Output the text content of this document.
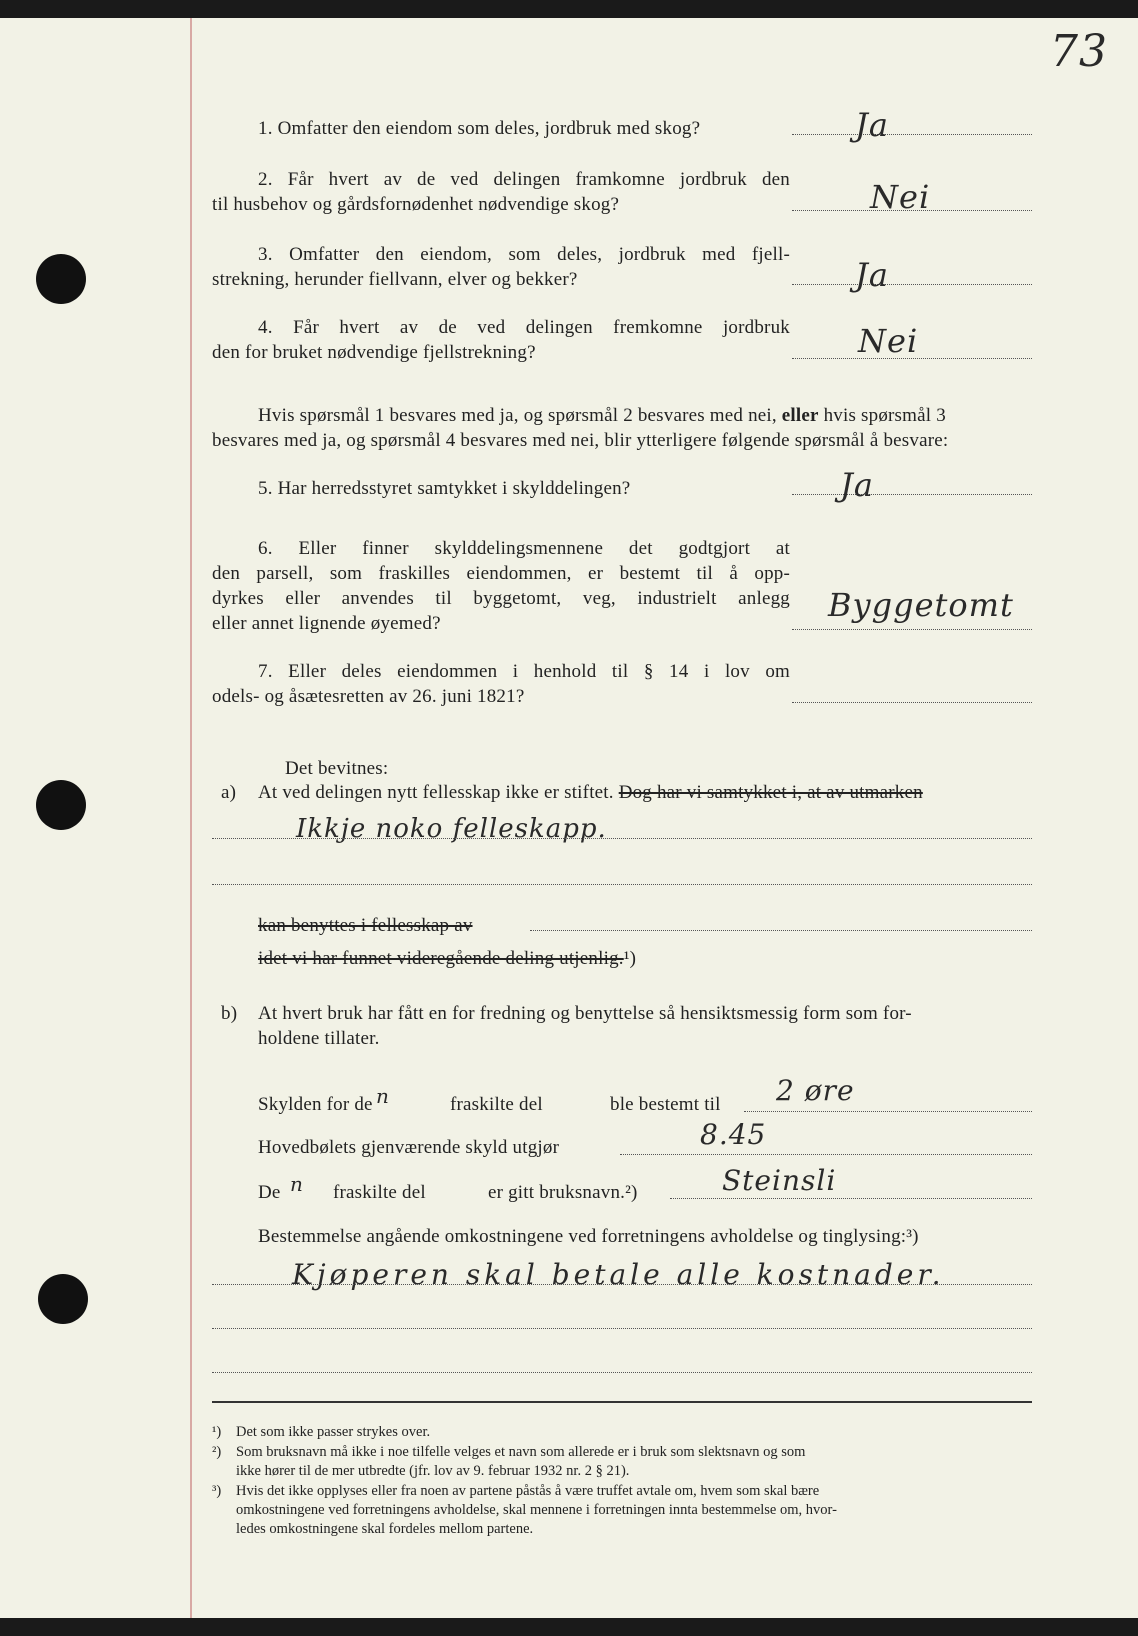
73
1. Omfatter den eiendom som deles, jordbruk med skog?	Ja
2. Får hvert av de ved delingen framkomne jordbruk den
til husbehov og gårdsfornødenhet nødvendige skog?	Nei
3. Omfatter den eiendom, som deles, jordbruk med fjell-
strekning, herunder fiellvann, elver og bekker?	Ja
4. Får hvert av de ved delingen fremkomne jordbruk
den for bruket nødvendige fjellstrekning?	Nei
Hvis spørsmål 1 besvares med ja, og spørsmål 2 besvares med nei, eller hvis spørsmål 3
besvares med ja, og spørsmål 4 besvares med nei, blir ytterligere følgende spørsmål å besvare:
5. Har herredsstyret samtykket i skylddelingen?	Ja
6. Eller finner skylddelingsmennene det godtgjort at
den parsell, som fraskilles eiendommen, er bestemt til å opp-
dyrkes eller anvendes til byggetomt, veg, industrielt anlegg
eller annet lignende øyemed?	Byggetomt
7. Eller deles eiendommen i henhold til § 14 i lov om
odels- og åsætesretten av 26. juni 1821?
Det bevitnes:
a) At ved delingen nytt fellesskap ikke er stiftet. Dog har vi samtykket i, at av utmarken
Ikkje noko felleskapp.
kan benyttes i fellesskap av
idet vi har funnet videregående deling utjenlig.¹)
b) At hvert bruk har fått en for fredning og benyttelse så hensiktsmessig form som for-
holdene tillater.
Skylden for de n	fraskilte del	ble bestemt til 2 øre
Hovedbølets gjenværende skyld utgjør	8.45
De n fraskilte del	er gitt bruksnavn.²)	Steinsli
Bestemmelse angående omkostningene ved forretningens avholdelse og tinglysing:³)
Kjøperen skal betale alle kostnader.
¹) Det som ikke passer strykes over.
²) Som bruksnavn må ikke i noe tilfelle velges et navn som allerede er i bruk som slektsnavn og som
ikke hører til de mer utbredte (jfr. lov av 9. februar 1932 nr. 2 § 21).
³) Hvis det ikke opplyses eller fra noen av partene påstås å være truffet avtale om, hvem som skal bære
omkostningene ved forretningens avholdelse, skal mennene i forretningen innta bestemmelse om, hvor-
ledes omkostningene skal fordeles mellom partene.
